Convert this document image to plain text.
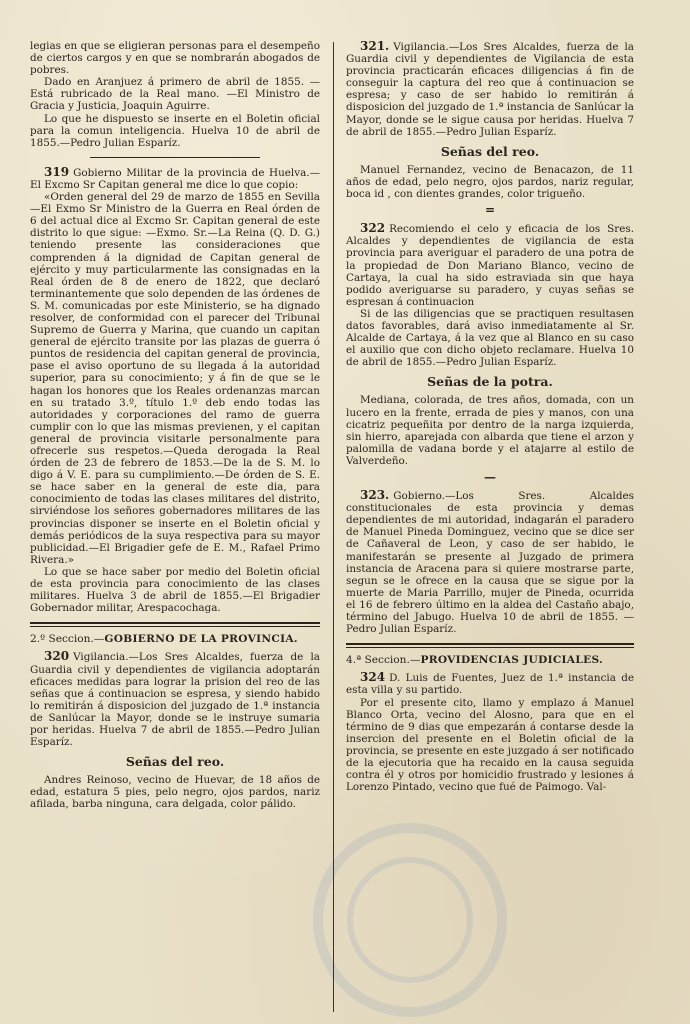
legias en que se eligieran personas para el desempeño de ciertos cargos y en que se nombrarán abogados de pobres.

Dado en Aranjuez á primero de abril de 1855. —Está rubricado de la Real mano. —El Ministro de Gracia y Justicia, Joaquin Aguirre.

Lo que he dispuesto se inserte en el Boletin oficial para la comun inteligencia. Huelva 10 de abril de 1855.—Pedro Julian Esparíz.

319 Gobierno Militar de la provincia de Huelva.—El Excmo Sr Capitan general me dice lo que copio:

«Orden general del 29 de marzo de 1855 en Sevilla —El Exmo Sr Ministro de la Guerra en Real órden de 6 del actual dice al Excmo Sr. Capitan general de este distrito lo que sigue: —Exmo. Sr.—La Reina (Q. D. G.) teniendo presente las consideraciones que comprenden á la dignidad de Capitan general de ejército y muy particularmente las consignadas en la Real órden de 8 de enero de 1822, que declaró terminantemente que solo dependen de las órdenes de S. M. comunicadas por este Ministerio, se ha dignado resolver, de conformidad con el parecer del Tribunal Supremo de Guerra y Marina, que cuando un capitan general de ejército transite por las plazas de guerra ó puntos de residencia del capitan general de provincia, pase el aviso oportuno de su llegada á la autoridad superior, para su conocimiento; y á fin de que se le hagan los honores que los Reales ordenanzas marcan en su tratado 3.º, título 1.º deb endo todas las autoridades y corporaciones del ramo de guerra cumplir con lo que las mismas previenen, y el capitan general de provincia visitarle personalmente para ofrecerle sus respetos.—Queda derogada la Real órden de 23 de febrero de 1853.—De la de S. M. lo digo á V. E. para su cumplimiento.—De órden de S. E. se hace saber en la general de este dia, para conocimiento de todas las clases militares del distrito, sirviéndose los señores gobernadores militares de las provincias disponer se inserte en el Boletin oficial y demás periódicos de la suya respectiva para su mayor publicidad.—El Brigadier gefe de E. M., Rafael Primo Rivera.»

Lo que se hace saber por medio del Boletin oficial de esta provincia para conocimiento de las clases militares. Huelva 3 de abril de 1855.—El Brigadier Gobernador militar, Arespacochaga.

2.º Seccion.—GOBIERNO DE LA PROVINCIA.

320 Vigilancia.—Los Sres Alcaldes, fuerza de la Guardia civil y dependientes de vigilancia adoptarán eficaces medidas para lograr la prision del reo de las señas que á continuacion se espresa, y siendo habido lo remitirán á disposicion del juzgado de 1.ª instancia de Sanlúcar la Mayor, donde se le instruye sumaria por heridas. Huelva 7 de abril de 1855.—Pedro Julian Esparíz.

Señas del reo.

Andres Reinoso, vecino de Huevar, de 18 años de edad, estatura 5 pies, pelo negro, ojos pardos, nariz afilada, barba ninguna, cara delgada, color pálido.

321. Vigilancia.—Los Sres Alcaldes, fuerza de la Guardia civil y dependientes de Vigilancia de esta provincia practicarán eficaces diligencias á fin de conseguir la captura del reo que á continuacion se espresa; y caso de ser habido lo remitirán á disposicion del juzgado de 1.ª instancia de Sanlúcar la Mayor, donde se le sigue causa por heridas. Huelva 7 de abril de 1855.—Pedro Julian Esparíz.

Señas del reo.

Manuel Fernandez, vecino de Benacazon, de 11 años de edad, pelo negro, ojos pardos, nariz regular, boca id , con dientes grandes, color trigueño.

=

322 Recomiendo el celo y eficacia de los Sres. Alcaldes y dependientes de vigilancia de esta provincia para averiguar el paradero de una potra de la propiedad de Don Mariano Blanco, vecino de Cartaya, la cual ha sido estraviada sin que haya podido averiguarse su paradero, y cuyas señas se espresan á continuacion

Si de las diligencias que se practiquen resultasen datos favorables, dará aviso inmediatamente al Sr. Alcalde de Cartaya, á la vez que al Blanco en su caso el auxilio que con dicho objeto reclamare. Huelva 10 de abril de 1855.—Pedro Julian Esparíz.

Señas de la potra.

Mediana, colorada, de tres años, domada, con un lucero en la frente, errada de pies y manos, con una cicatriz pequeñita por dentro de la narga izquierda, sin hierro, aparejada con albarda que tiene el arzon y palomilla de vadana borde y el atajarre al estilo de Valverdeño.

—

323. Gobierno.—Los Sres. Alcaldes constitucionales de esta provincia y demas dependientes de mi autoridad, indagarán el paradero de Manuel Pineda Dominguez, vecino que se dice ser de Cañaveral de Leon, y caso de ser habido, le manifestarán se presente al Juzgado de primera instancia de Aracena para si quiere mostrarse parte, segun se le ofrece en la causa que se sigue por la muerte de Maria Parrillo, mujer de Pineda, ocurrida el 16 de febrero último en la aldea del Castaño abajo, término del Jabugo. Huelva 10 de abril de 1855. —Pedro Julian Esparíz.

4.ª Seccion.—PROVIDENCIAS JUDICIALES.

324 D. Luis de Fuentes, Juez de 1.ª instancia de esta villa y su partido.

Por el presente cito, llamo y emplazo á Manuel Blanco Orta, vecino del Alosno, para que en el término de 9 dias que empezarán á contarse desde la insercion del presente en el Boletin oficial de la provincia, se presente en este juzgado á ser notificado de la ejecutoria que ha recaido en la causa seguida contra él y otros por homicidio frustrado y lesiones á Lorenzo Pintado, vecino que fué de Paimogo. Val-
